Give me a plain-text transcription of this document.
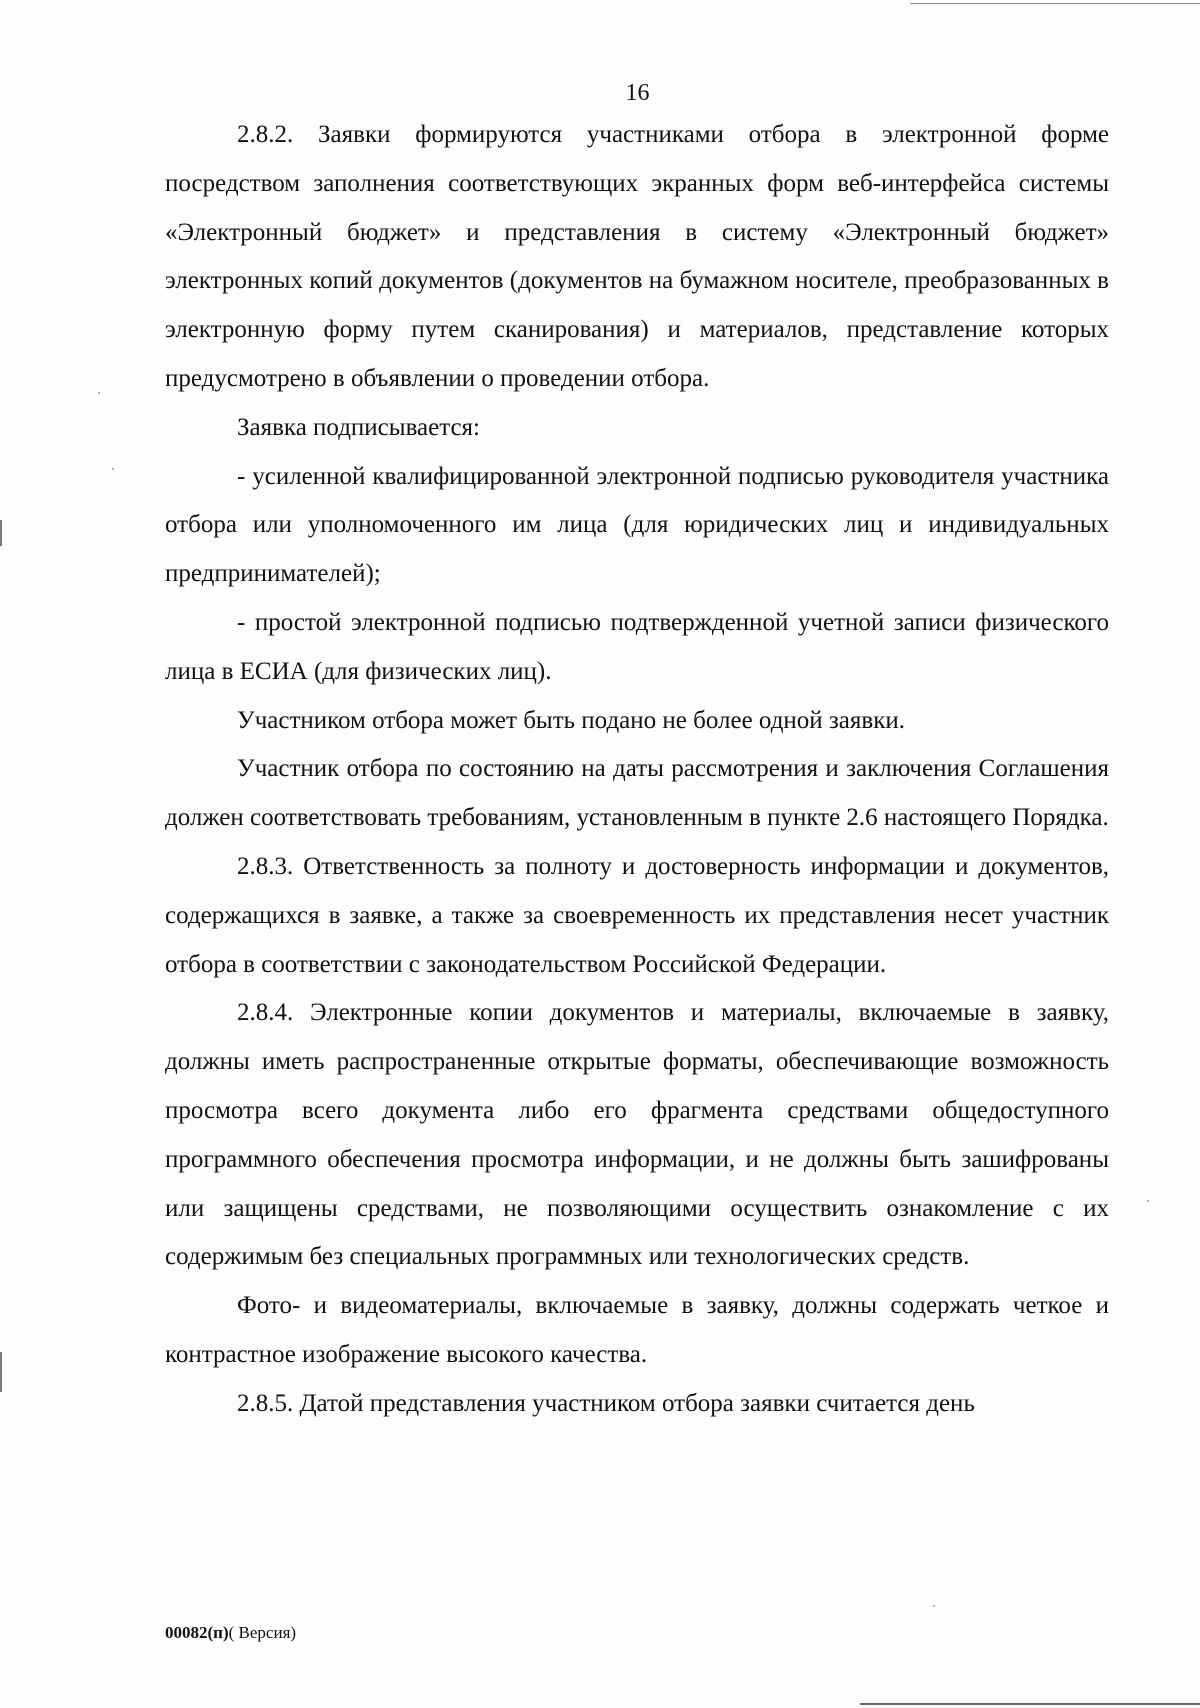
16

2.8.2. Заявки формируются участниками отбора в электронной форме посредством заполнения соответствующих экранных форм веб-интерфейса системы «Электронный бюджет» и представления в систему «Электронный бюджет» электронных копий документов (документов на бумажном носителе, преобразованных в электронную форму путем сканирования) и материалов, представление которых предусмотрено в объявлении о проведении отбора.

Заявка подписывается:

- усиленной квалифицированной электронной подписью руководителя участника отбора или уполномоченного им лица (для юридических лиц и индивидуальных предпринимателей);

- простой электронной подписью подтвержденной учетной записи физического лица в ЕСИА (для физических лиц).

Участником отбора может быть подано не более одной заявки.

Участник отбора по состоянию на даты рассмотрения и заключения Соглашения должен соответствовать требованиям, установленным в пункте 2.6 настоящего Порядка.

2.8.3. Ответственность за полноту и достоверность информации и документов, содержащихся в заявке, а также за своевременность их представления несет участник отбора в соответствии с законодательством Российской Федерации.

2.8.4. Электронные копии документов и материалы, включаемые в заявку, должны иметь распространенные открытые форматы, обеспечивающие возможность просмотра всего документа либо его фрагмента средствами общедоступного программного обеспечения просмотра информации, и не должны быть зашифрованы или защищены средствами, не позволяющими осуществить ознакомление с их содержимым без специальных программных или технологических средств.

Фото- и видеоматериалы, включаемые в заявку, должны содержать четкое и контрастное изображение высокого качества.

2.8.5. Датой представления участником отбора заявки считается день

00082(п)( Версия)
